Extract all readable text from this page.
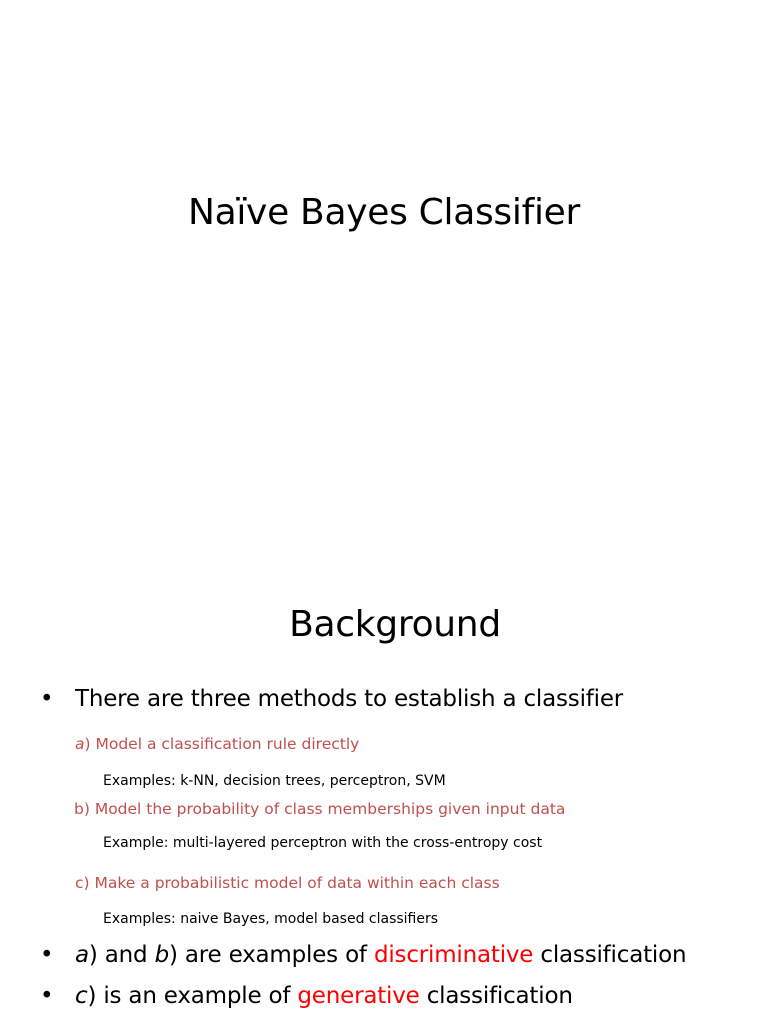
Naïve Bayes Classifier
Background
• There are three methods to establish a classifier
a) Model a classification rule directly
Examples: k-NN, decision trees, perceptron, SVM
b) Model the probability of class memberships given input data
Example: multi-layered perceptron with the cross-entropy cost
c) Make a probabilistic model of data within each class
Examples: naive Bayes, model based classifiers
• a) and b) are examples of discriminative classification
• c) is an example of generative classification
